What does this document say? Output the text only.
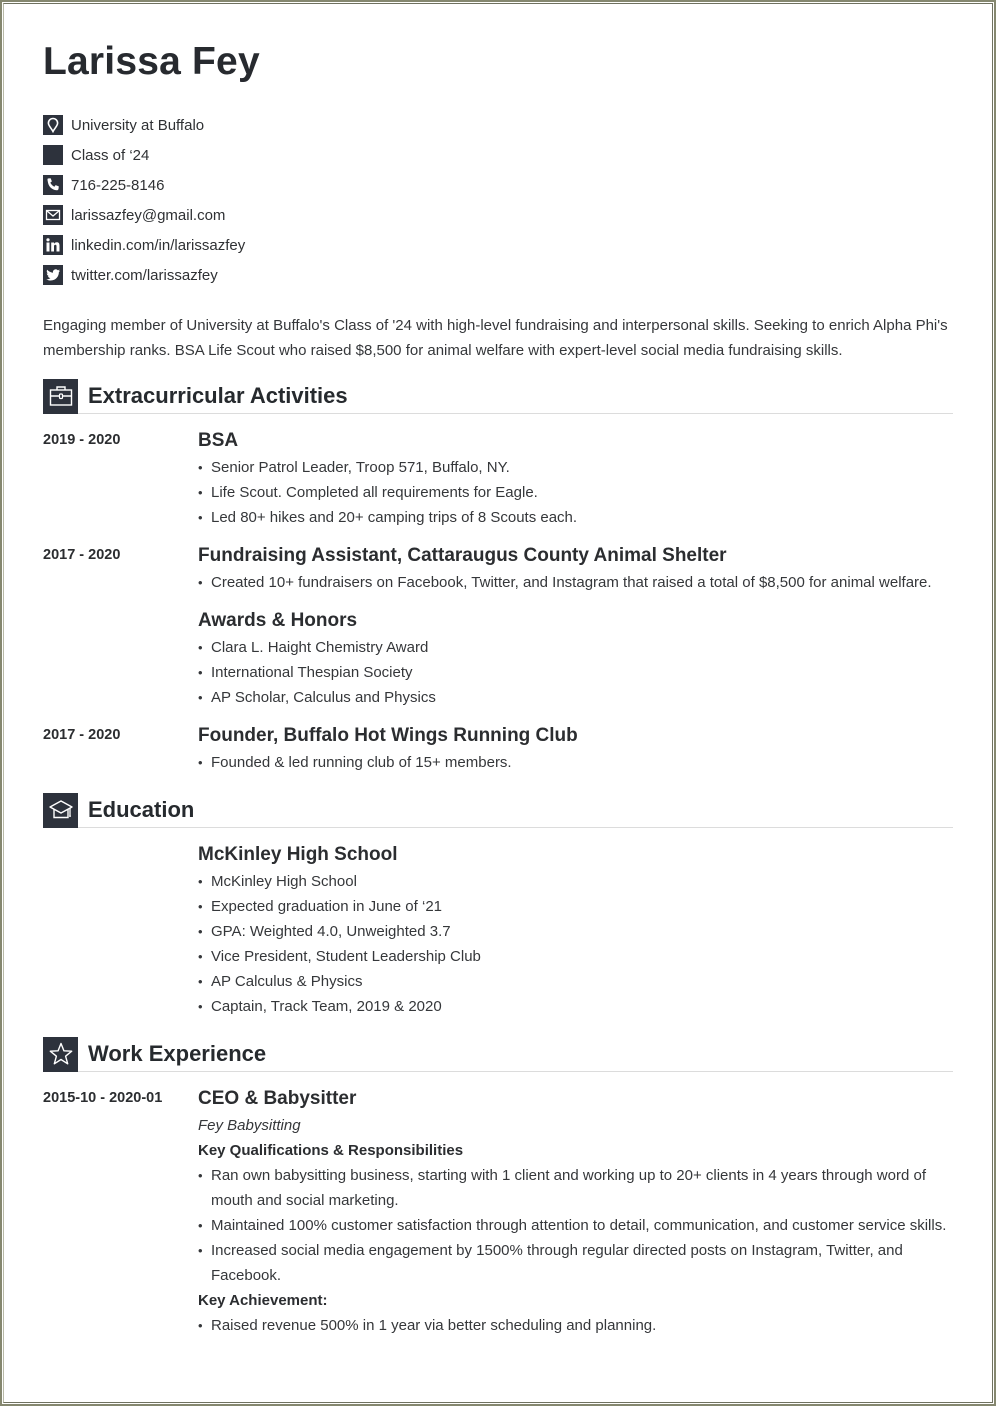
Larissa Fey
University at Buffalo
Class of ‘24
716-225-8146
larissazfey@gmail.com
linkedin.com/in/larissazfey
twitter.com/larissazfey

Engaging member of University at Buffalo's Class of '24 with high-level fundraising and interpersonal skills. Seeking to enrich Alpha Phi's membership ranks. BSA Life Scout who raised $8,500 for animal welfare with expert-level social media fundraising skills.

Extracurricular Activities
2019 - 2020	BSA
• Senior Patrol Leader, Troop 571, Buffalo, NY.
• Life Scout. Completed all requirements for Eagle.
• Led 80+ hikes and 20+ camping trips of 8 Scouts each.
2017 - 2020	Fundraising Assistant, Cattaraugus County Animal Shelter
• Created 10+ fundraisers on Facebook, Twitter, and Instagram that raised a total of $8,500 for animal welfare.
Awards & Honors
• Clara L. Haight Chemistry Award
• International Thespian Society
• AP Scholar, Calculus and Physics
2017 - 2020	Founder, Buffalo Hot Wings Running Club
• Founded & led running club of 15+ members.
Education
McKinley High School
• McKinley High School
• Expected graduation in June of ‘21
• GPA: Weighted 4.0, Unweighted 3.7
• Vice President, Student Leadership Club
• AP Calculus & Physics
• Captain, Track Team, 2019 & 2020
Work Experience
2015-10 - 2020-01 CEO & Babysitter
Fey Babysitting
Key Qualifications & Responsibilities
• Ran own babysitting business, starting with 1 client and working up to 20+ clients in 4 years through word of mouth and social marketing.
• Maintained 100% customer satisfaction through attention to detail, communication, and customer service skills.
• Increased social media engagement by 1500% through regular directed posts on Instagram, Twitter, and Facebook.
Key Achievement:
• Raised revenue 500% in 1 year via better scheduling and planning.
